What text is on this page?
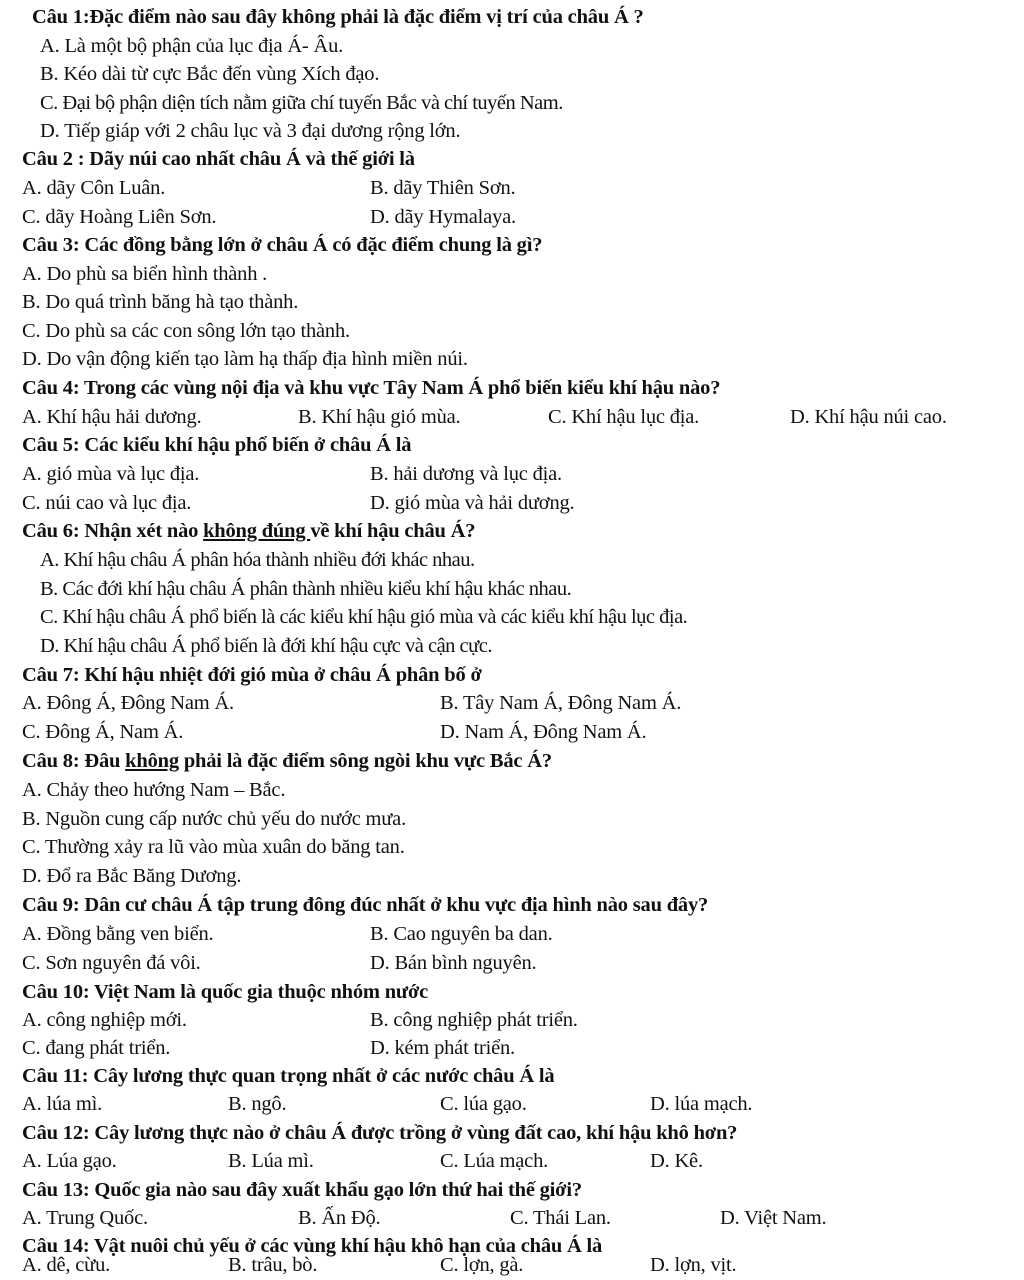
Câu 1:Đặc điểm nào sau đây không phải là đặc điểm vị trí của châu Á ?
A. Là một bộ phận của lục địa Á- Âu.
B. Kéo dài từ cực Bắc đến vùng Xích đạo.
C. Đại bộ phận diện tích nằm giữa chí tuyến Bắc và chí tuyến Nam.
D. Tiếp giáp với 2 châu lục và 3 đại dương rộng lớn.
Câu 2 : Dãy núi cao nhất châu Á và thế giới là
A. dãy Côn Luân.	B. dãy Thiên Sơn.
C. dãy Hoàng Liên Sơn.	D. dãy Hymalaya.
Câu 3: Các đồng bằng lớn ở châu Á có đặc điểm chung là gì?
A. Do phù sa biển hình thành .
B. Do quá trình băng hà tạo thành.
C. Do phù sa các con sông lớn tạo thành.
D. Do vận động kiến tạo làm hạ thấp địa hình miền núi.
Câu 4: Trong các vùng nội địa và khu vực Tây Nam Á phổ biến kiểu khí hậu nào?
A. Khí hậu hải dương.	B. Khí hậu gió mùa.	C. Khí hậu lục địa.	D. Khí hậu núi cao.
Câu 5: Các kiểu khí hậu phổ biến ở châu Á là
A. gió mùa và lục địa.	B. hải dương và lục địa.
C. núi cao và lục địa.	D. gió mùa và hải dương.
Câu 6: Nhận xét nào không đúng về khí hậu châu Á?
A. Khí hậu châu Á phân hóa thành nhiều đới khác nhau.
B. Các đới khí hậu châu Á phân thành nhiều kiểu khí hậu khác nhau.
C. Khí hậu châu Á phổ biến là các kiểu khí hậu gió mùa và các kiểu khí hậu lục địa.
D. Khí hậu châu Á phổ biến là đới khí hậu cực và cận cực.
Câu 7: Khí hậu nhiệt đới gió mùa ở châu Á phân bố ở
A. Đông Á, Đông Nam Á.	B. Tây Nam Á, Đông Nam Á.
C. Đông Á, Nam Á.	D. Nam Á, Đông Nam Á.
Câu 8: Đâu không phải là đặc điểm sông ngòi khu vực Bắc Á?
A. Chảy theo hướng Nam – Bắc.
B. Nguồn cung cấp nước chủ yếu do nước mưa.
C. Thường xảy ra lũ vào mùa xuân do băng tan.
D. Đổ ra Bắc Băng Dương.
Câu 9: Dân cư châu Á tập trung đông đúc nhất ở khu vực địa hình nào sau đây?
A. Đồng bằng ven biển.	B. Cao nguyên ba dan.
C. Sơn nguyên đá vôi.	D. Bán bình nguyên.
Câu 10: Việt Nam là quốc gia thuộc nhóm nước
A. công nghiệp mới.	B. công nghiệp phát triển.
C. đang phát triển.	D. kém phát triển.
Câu 11: Cây lương thực quan trọng nhất ở các nước châu Á là
A. lúa mì.	B. ngô.	C. lúa gạo.	D. lúa mạch.
Câu 12: Cây lương thực nào ở châu Á được trồng ở vùng đất cao, khí hậu khô hơn?
A. Lúa gạo.	B. Lúa mì.	C. Lúa mạch.	D. Kê.
Câu 13: Quốc gia nào sau đây xuất khẩu gạo lớn thứ hai thế giới?
A. Trung Quốc.	B. Ấn Độ.	C. Thái Lan.	D. Việt Nam.
Câu 14: Vật nuôi chủ yếu ở các vùng khí hậu khô hạn của châu Á là
A. dê, cừu.	B. trâu, bò.	C. lợn, gà.	D. lợn, vịt.
